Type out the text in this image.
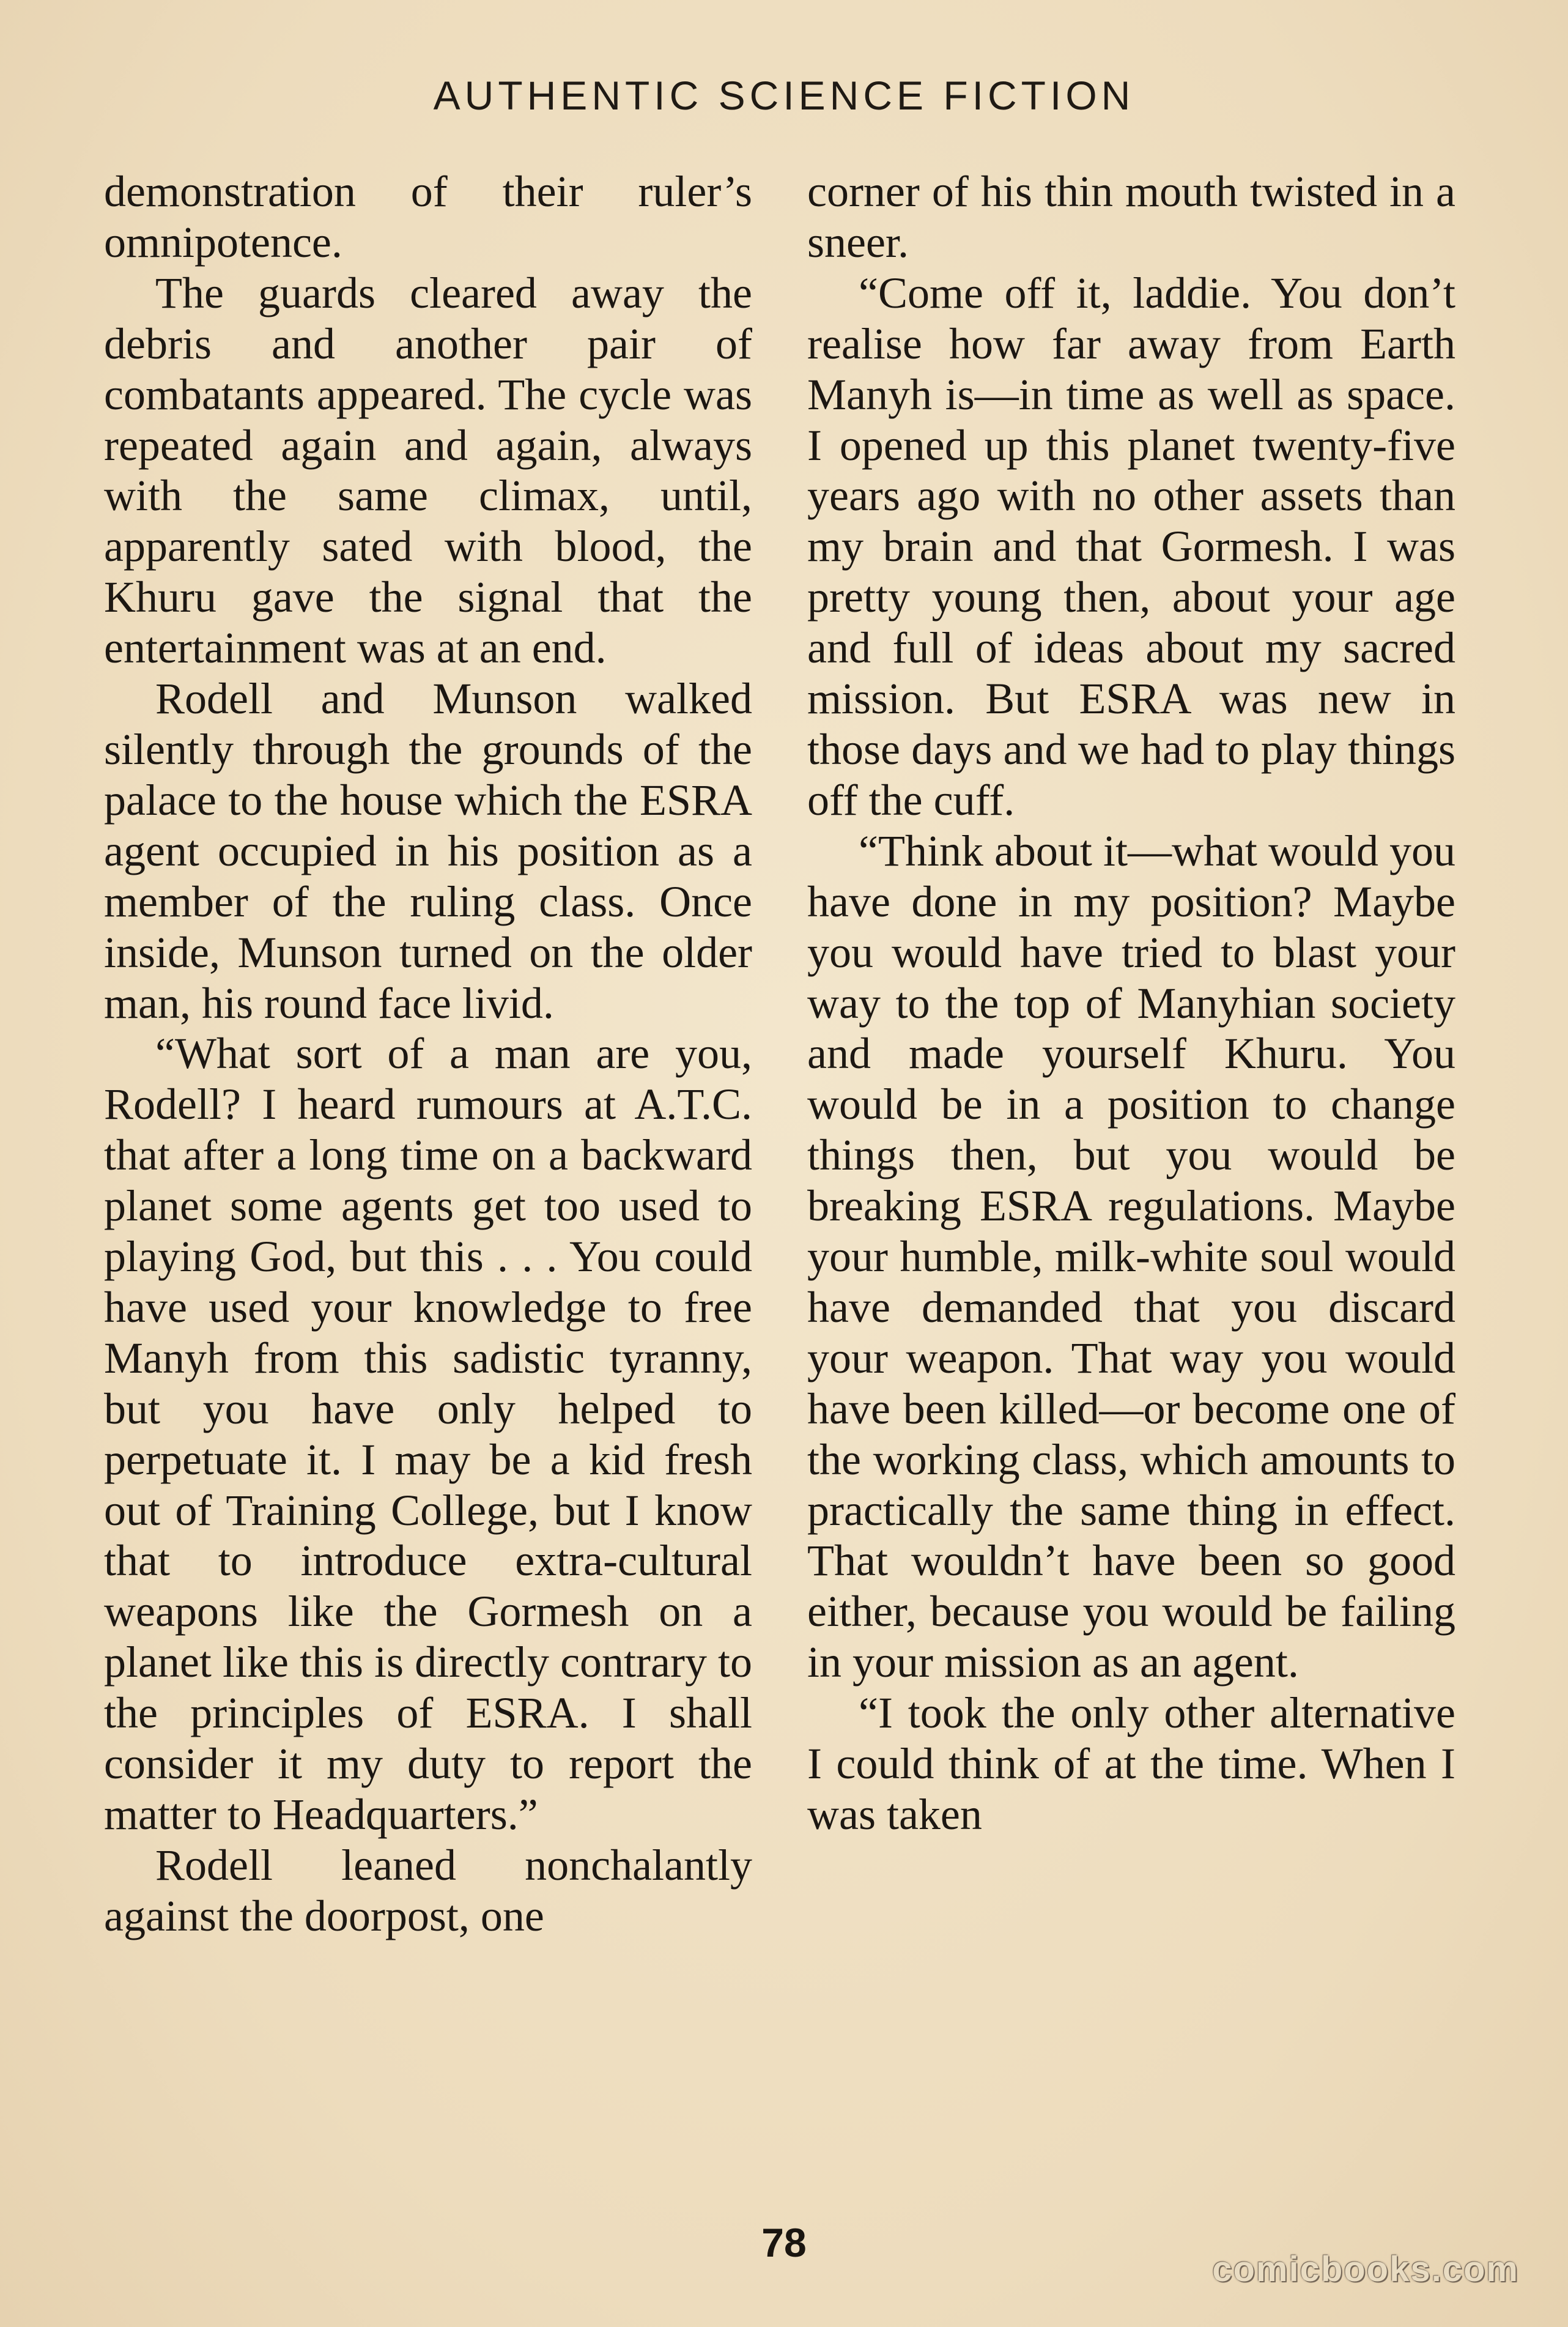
AUTHENTIC SCIENCE FICTION

demonstration of their ruler’s omnipotence.

The guards cleared away the debris and another pair of combatants appeared. The cycle was repeated again and again, always with the same climax, until, apparently sated with blood, the Khuru gave the signal that the entertainment was at an end.

Rodell and Munson walked silently through the grounds of the palace to the house which the ESRA agent occupied in his position as a member of the ruling class. Once inside, Munson turned on the older man, his round face livid.

“What sort of a man are you, Rodell? I heard rumours at A.T.C. that after a long time on a backward planet some agents get too used to playing God, but this . . . You could have used your knowledge to free Manyh from this sadistic tyranny, but you have only helped to perpetuate it. I may be a kid fresh out of Training College, but I know that to introduce extra-cultural weapons like the Gormesh on a planet like this is directly contrary to the principles of ESRA. I shall consider it my duty to report the matter to Headquarters.”

Rodell leaned nonchalantly against the doorpost, one

corner of his thin mouth twisted in a sneer.

“Come off it, laddie. You don’t realise how far away from Earth Manyh is—in time as well as space. I opened up this planet twenty-five years ago with no other assets than my brain and that Gormesh. I was pretty young then, about your age and full of ideas about my sacred mission. But ESRA was new in those days and we had to play things off the cuff.

“Think about it—what would you have done in my position? Maybe you would have tried to blast your way to the top of Manyhian society and made yourself Khuru. You would be in a position to change things then, but you would be breaking ESRA regulations. Maybe your humble, milk-white soul would have demanded that you discard your weapon. That way you would have been killed—or become one of the working class, which amounts to practically the same thing in effect. That wouldn’t have been so good either, because you would be failing in your mission as an agent.

“I took the only other alternative I could think of at the time. When I was taken

78
comicbooks.com
